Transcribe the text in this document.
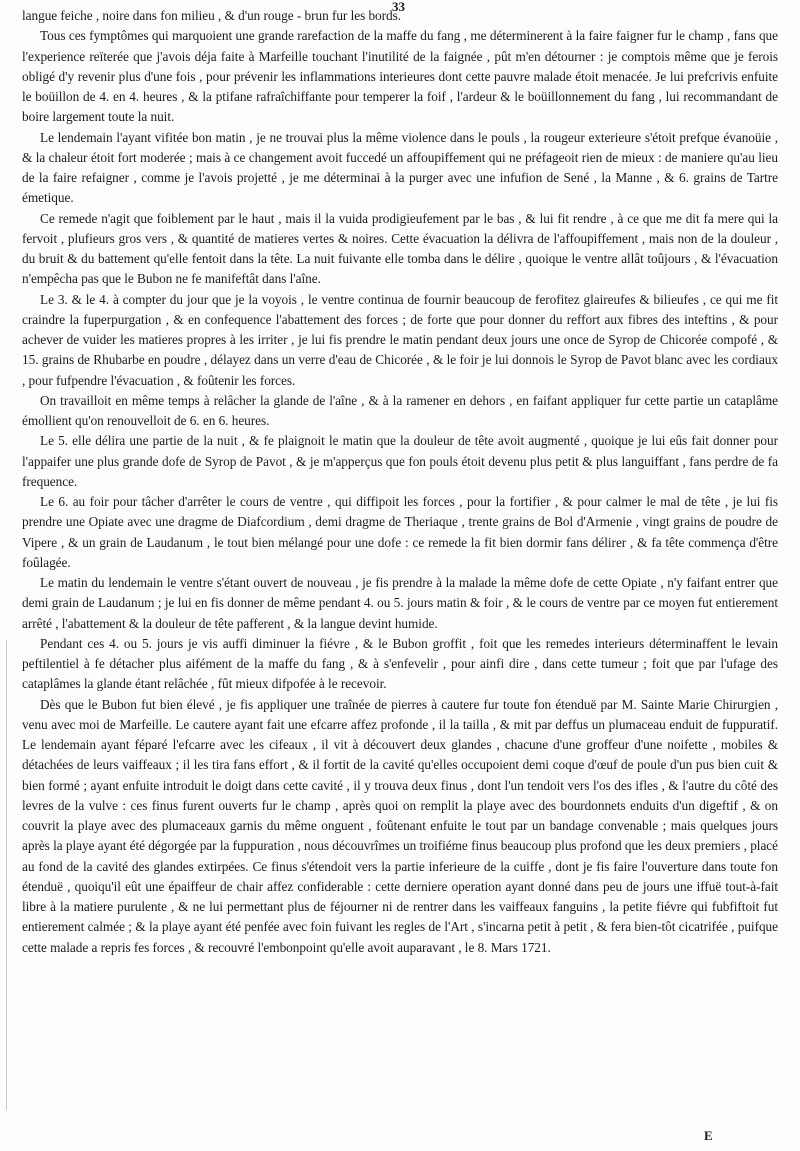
33

langue feiche , noire dans fon milieu , & d'un rouge - brun fur les bords.

Tous ces fymptômes qui marquoient une grande rarefaction de la maffe du fang , me déterminerent à la faire faigner fur le champ , fans que l'experience reïterée que j'avois déja faite à Marfeille touchant l'inutilité de la faignée , pût m'en détourner : je comptois même que je ferois obligé d'y revenir plus d'une fois , pour prévenir les inflammations interieures dont cette pauvre malade étoit menacée. Je lui prefcrivis enfuite le boüillon de 4. en 4. heures , & la ptifane rafraîchiffante pour temperer la foif , l'ardeur & le boüillonnement du fang , lui recommandant de boire largement toute la nuit.

Le lendemain l'ayant vifitée bon matin , je ne trouvai plus la même violence dans le pouls , la rougeur exterieure s'étoit prefque évanoüie , & la chaleur étoit fort moderée ; mais à ce changement avoit fuccedé un affoupiffement qui ne préfageoit rien de mieux : de maniere qu'au lieu de la faire refaigner , comme je l'avois projetté , je me déterminai à la purger avec une infufion de Sené , la Manne , & 6. grains de Tartre émetique.

Ce remede n'agit que foiblement par le haut , mais il la vuida prodigieufement par le bas , & lui fit rendre , à ce que me dit fa mere qui la fervoit , plufieurs gros vers , & quantité de matieres vertes & noires. Cette évacuation la délivra de l'affoupiffement , mais non de la douleur , du bruit & du battement qu'elle fentoit dans la tête. La nuit fuivante elle tomba dans le délire , quoique le ventre allât toûjours , & l'évacuation n'empêcha pas que le Bubon ne fe manifeftât dans l'aîne.

Le 3. & le 4. à compter du jour que je la voyois , le ventre continua de fournir beaucoup de ferofitez glaireufes & bilieufes , ce qui me fit craindre la fuperpurgation , & en confequence l'abattement des forces ; de forte que pour donner du reffort aux fibres des inteftins , & pour achever de vuider les matieres propres à les irriter , je lui fis prendre le matin pendant deux jours une once de Syrop de Chicorée compofé , & 15. grains de Rhubarbe en poudre , délayez dans un verre d'eau de Chicorée , & le foir je lui donnois le Syrop de Pavot blanc avec les cordiaux , pour fufpendre l'évacuation , & foûtenir les forces.

On travailloit en même temps à relâcher la glande de l'aîne , & à la ramener en dehors , en faifant appliquer fur cette partie un cataplâme émollient qu'on renouvelloit de 6. en 6. heures.

Le 5. elle délira une partie de la nuit , & fe plaignoit le matin que la douleur de tête avoit augmenté , quoique je lui eûs fait donner pour l'appaifer une plus grande dofe de Syrop de Pavot , & je m'apperçus que fon pouls étoit devenu plus petit & plus languiffant , fans perdre de fa frequence.

Le 6. au foir pour tâcher d'arrêter le cours de ventre , qui diffipoit les forces , pour la fortifier , & pour calmer le mal de tête , je lui fis prendre une Opiate avec une dragme de Diafcordium , demi dragme de Theriaque , trente grains de Bol d'Armenie , vingt grains de poudre de Vipere , & un grain de Laudanum , le tout bien mélangé pour une dofe : ce remede la fit bien dormir fans délirer , & fa tête commença d'être foûlagée.

Le matin du lendemain le ventre s'étant ouvert de nouveau , je fis prendre à la malade la même dofe de cette Opiate , n'y faifant entrer que demi grain de Laudanum ; je lui en fis donner de même pendant 4. ou 5. jours matin & foir , & le cours de ventre par ce moyen fut entierement arrêté , l'abattement & la douleur de tête pafferent , & la langue devint humide.

Pendant ces 4. ou 5. jours je vis auffi diminuer la fiévre , & le Bubon groffit , foit que les remedes interieurs déterminaffent le levain peftilentiel à fe détacher plus aifément de la maffe du fang , & à s'enfevelir , pour ainfi dire , dans cette tumeur ; foit que par l'ufage des cataplâmes la glande étant relâchée , fût mieux difpofée à le recevoir.

Dès que le Bubon fut bien élevé , je fis appliquer une traînée de pierres à cautere fur toute fon étenduë par M. Sainte Marie Chirurgien , venu avec moi de Marfeille. Le cautere ayant fait une efcarre affez profonde , il la tailla , & mit par deffus un plumaceau enduit de fuppuratif. Le lendemain ayant féparé l'efcarre avec les cifeaux , il vit à découvert deux glandes , chacune d'une groffeur d'une noifette , mobiles & détachées de leurs vaiffeaux ; il les tira fans effort , & il fortit de la cavité qu'elles occupoient demi coque d'œuf de poule d'un pus bien cuit & bien formé ; ayant enfuite introduit le doigt dans cette cavité , il y trouva deux finus , dont l'un tendoit vers l'os des ifles , & l'autre du côté des levres de la vulve : ces finus furent ouverts fur le champ , après quoi on remplit la playe avec des bourdonnets enduits d'un digeftif , & on couvrit la playe avec des plumaceaux garnis du même onguent , foûtenant enfuite le tout par un bandage convenable ; mais quelques jours après la playe ayant été dégorgée par la fuppuration , nous découvrîmes un troifiéme finus beaucoup plus profond que les deux premiers , placé au fond de la cavité des glandes extirpées. Ce finus s'étendoit vers la partie inferieure de la cuiffe , dont je fis faire l'ouverture dans toute fon étenduë , quoiqu'il eût une épaiffeur de chair affez confiderable : cette derniere operation ayant donné dans peu de jours une iffuë tout-à-fait libre à la matiere purulente , & ne lui permettant plus de féjourner ni de rentrer dans les vaiffeaux fanguins , la petite fiévre qui fubfiftoit fut entierement calmée ; & la playe ayant été penfée avec foin fuivant les regles de l'Art , s'incarna petit à petit , & fera bien-tôt cicatrifée , puifque cette malade a repris fes forces , & recouvré l'embonpoint qu'elle avoit auparavant , le 8. Mars 1721.

E
